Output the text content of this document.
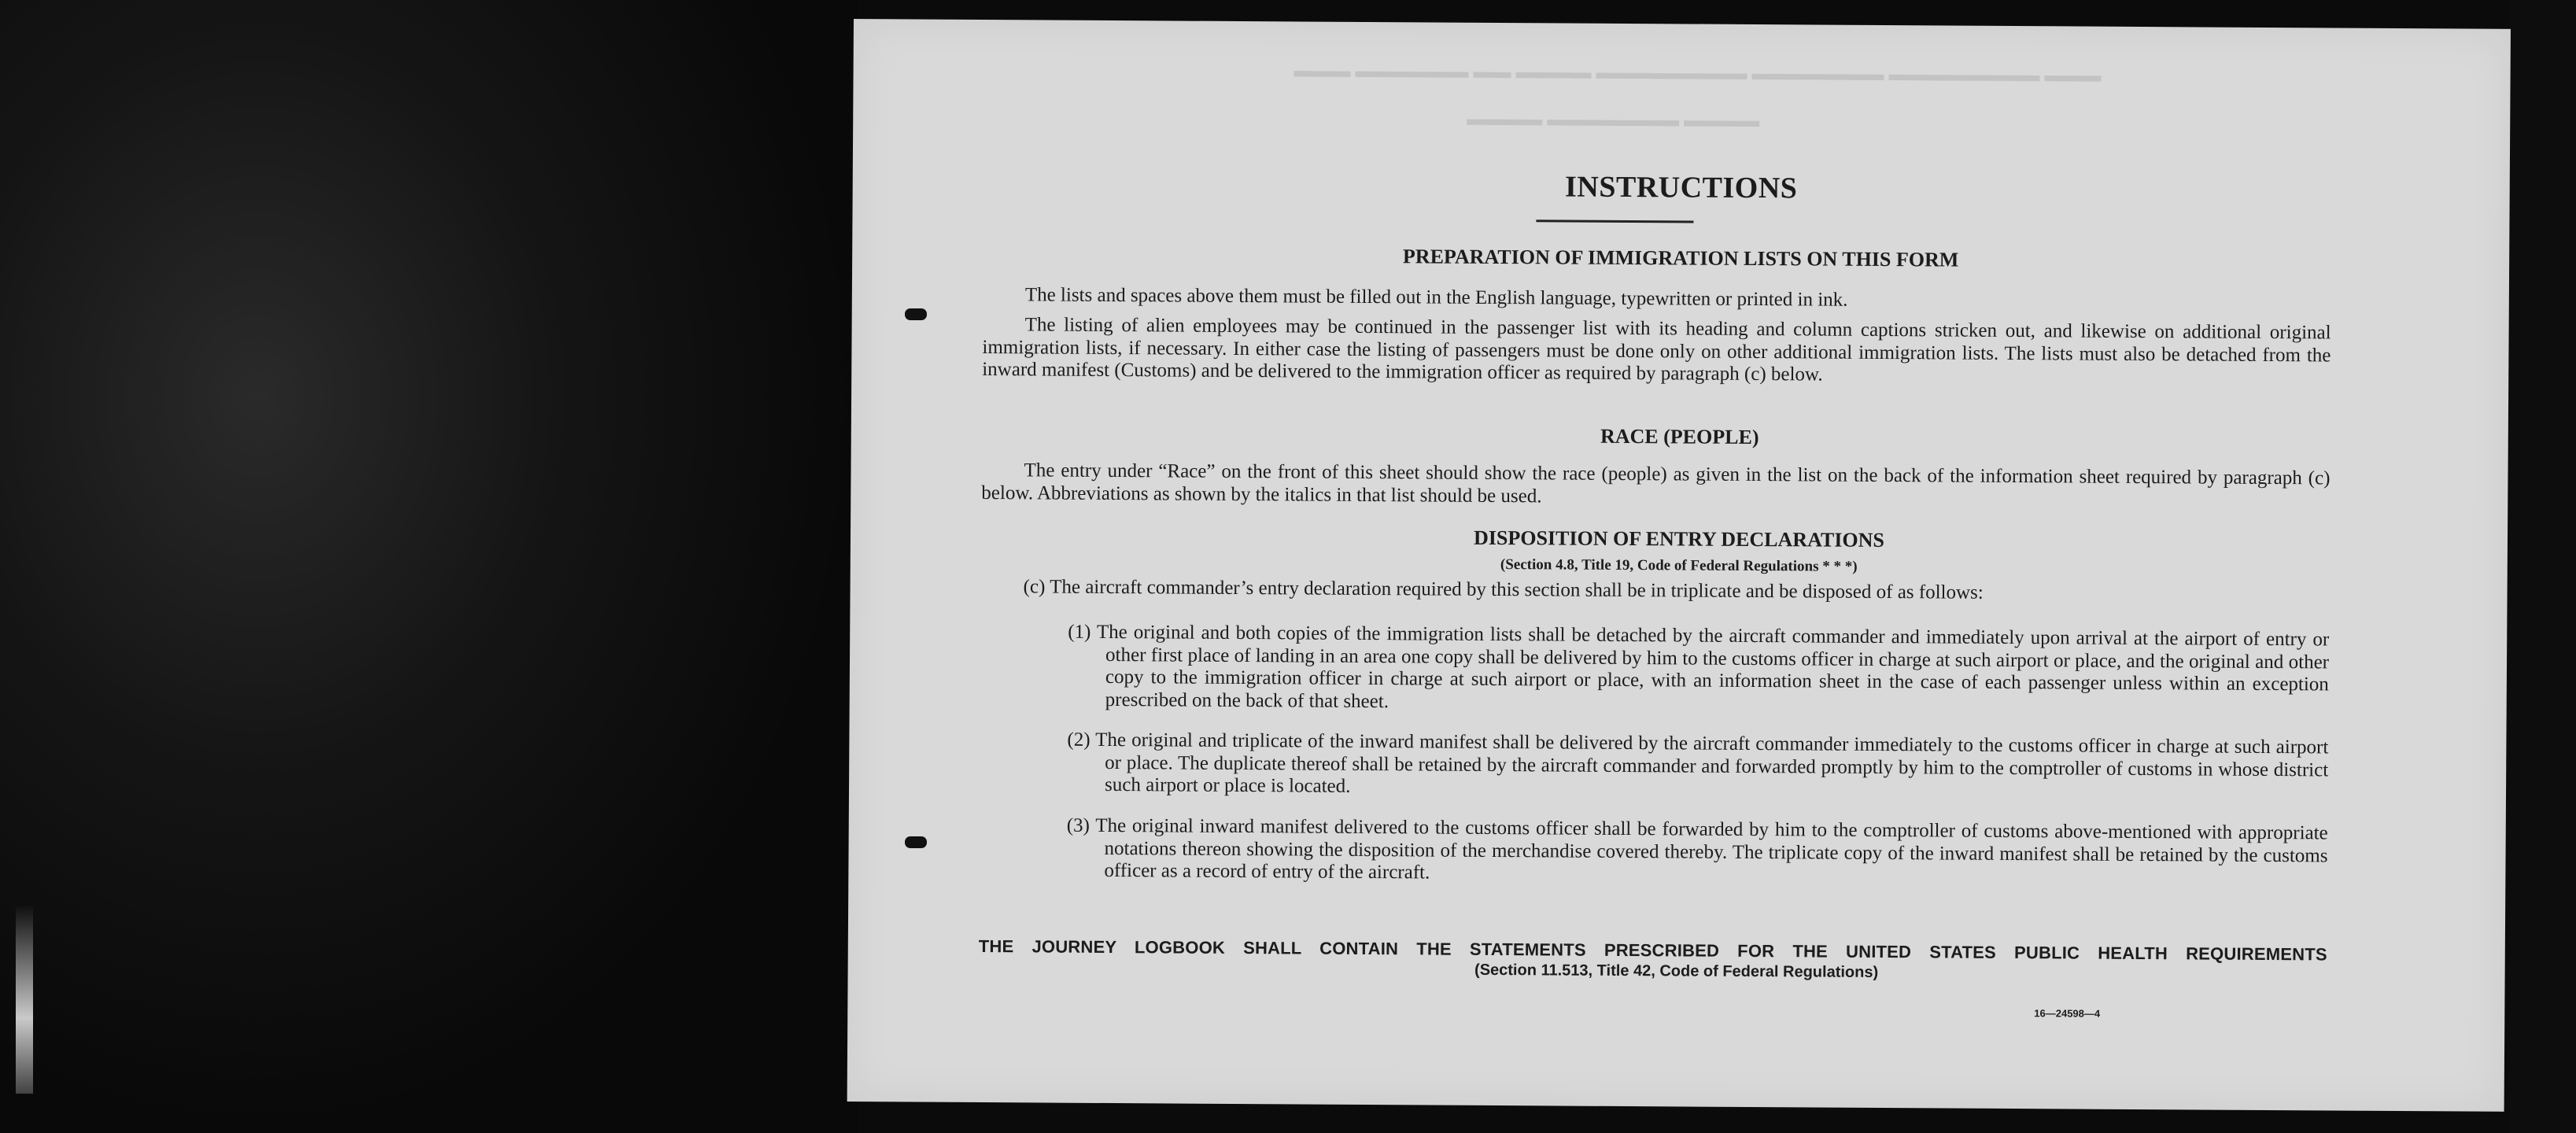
▬▬▬ ▬▬▬▬▬▬ ▬▬ ▬▬▬▬ ▬▬▬▬▬▬▬▬ ▬▬▬▬▬▬▬ ▬▬▬▬▬▬▬▬ ▬▬▬
▬▬▬▬ ▬▬▬▬▬▬▬ ▬▬▬▬
INSTRUCTIONS
PREPARATION OF IMMIGRATION LISTS ON THIS FORM
The lists and spaces above them must be filled out in the English language, typewritten or printed in ink.
The listing of alien employees may be continued in the passenger list with its heading and column captions stricken out, and likewise on additional original immigration lists, if necessary. In either case the listing of passengers must be done only on other additional immigration lists. The lists must also be detached from the inward manifest (Customs) and be delivered to the immigration officer as required by paragraph (c) below.
RACE (PEOPLE)
The entry under “Race” on the front of this sheet should show the race (people) as given in the list on the back of the information sheet required by paragraph (c) below. Abbreviations as shown by the italics in that list should be used.
DISPOSITION OF ENTRY DECLARATIONS
(Section 4.8, Title 19, Code of Federal Regulations * * *)
(c) The aircraft commander’s entry declaration required by this section shall be in triplicate and be disposed of as follows:
(1) The original and both copies of the immigration lists shall be detached by the aircraft commander and immediately upon arrival at the airport of entry or other first place of landing in an area one copy shall be delivered by him to the customs officer in charge at such airport or place, and the original and other copy to the immigration officer in charge at such airport or place, with an information sheet in the case of each passenger unless within an exception prescribed on the back of that sheet.
(2) The original and triplicate of the inward manifest shall be delivered by the aircraft commander immediately to the customs officer in charge at such airport or place. The duplicate thereof shall be retained by the aircraft commander and forwarded promptly by him to the comptroller of customs in whose district such airport or place is located.
(3) The original inward manifest delivered to the customs officer shall be forwarded by him to the comptroller of customs above-mentioned with appropriate notations thereon showing the disposition of the merchandise covered thereby. The triplicate copy of the inward manifest shall be retained by the customs officer as a record of entry of the aircraft.
THE JOURNEY LOGBOOK SHALL CONTAIN THE STATEMENTS PRESCRIBED FOR THE UNITED STATES PUBLIC HEALTH REQUIREMENTS
(Section 11.513, Title 42, Code of Federal Regulations)
16—24598—4
